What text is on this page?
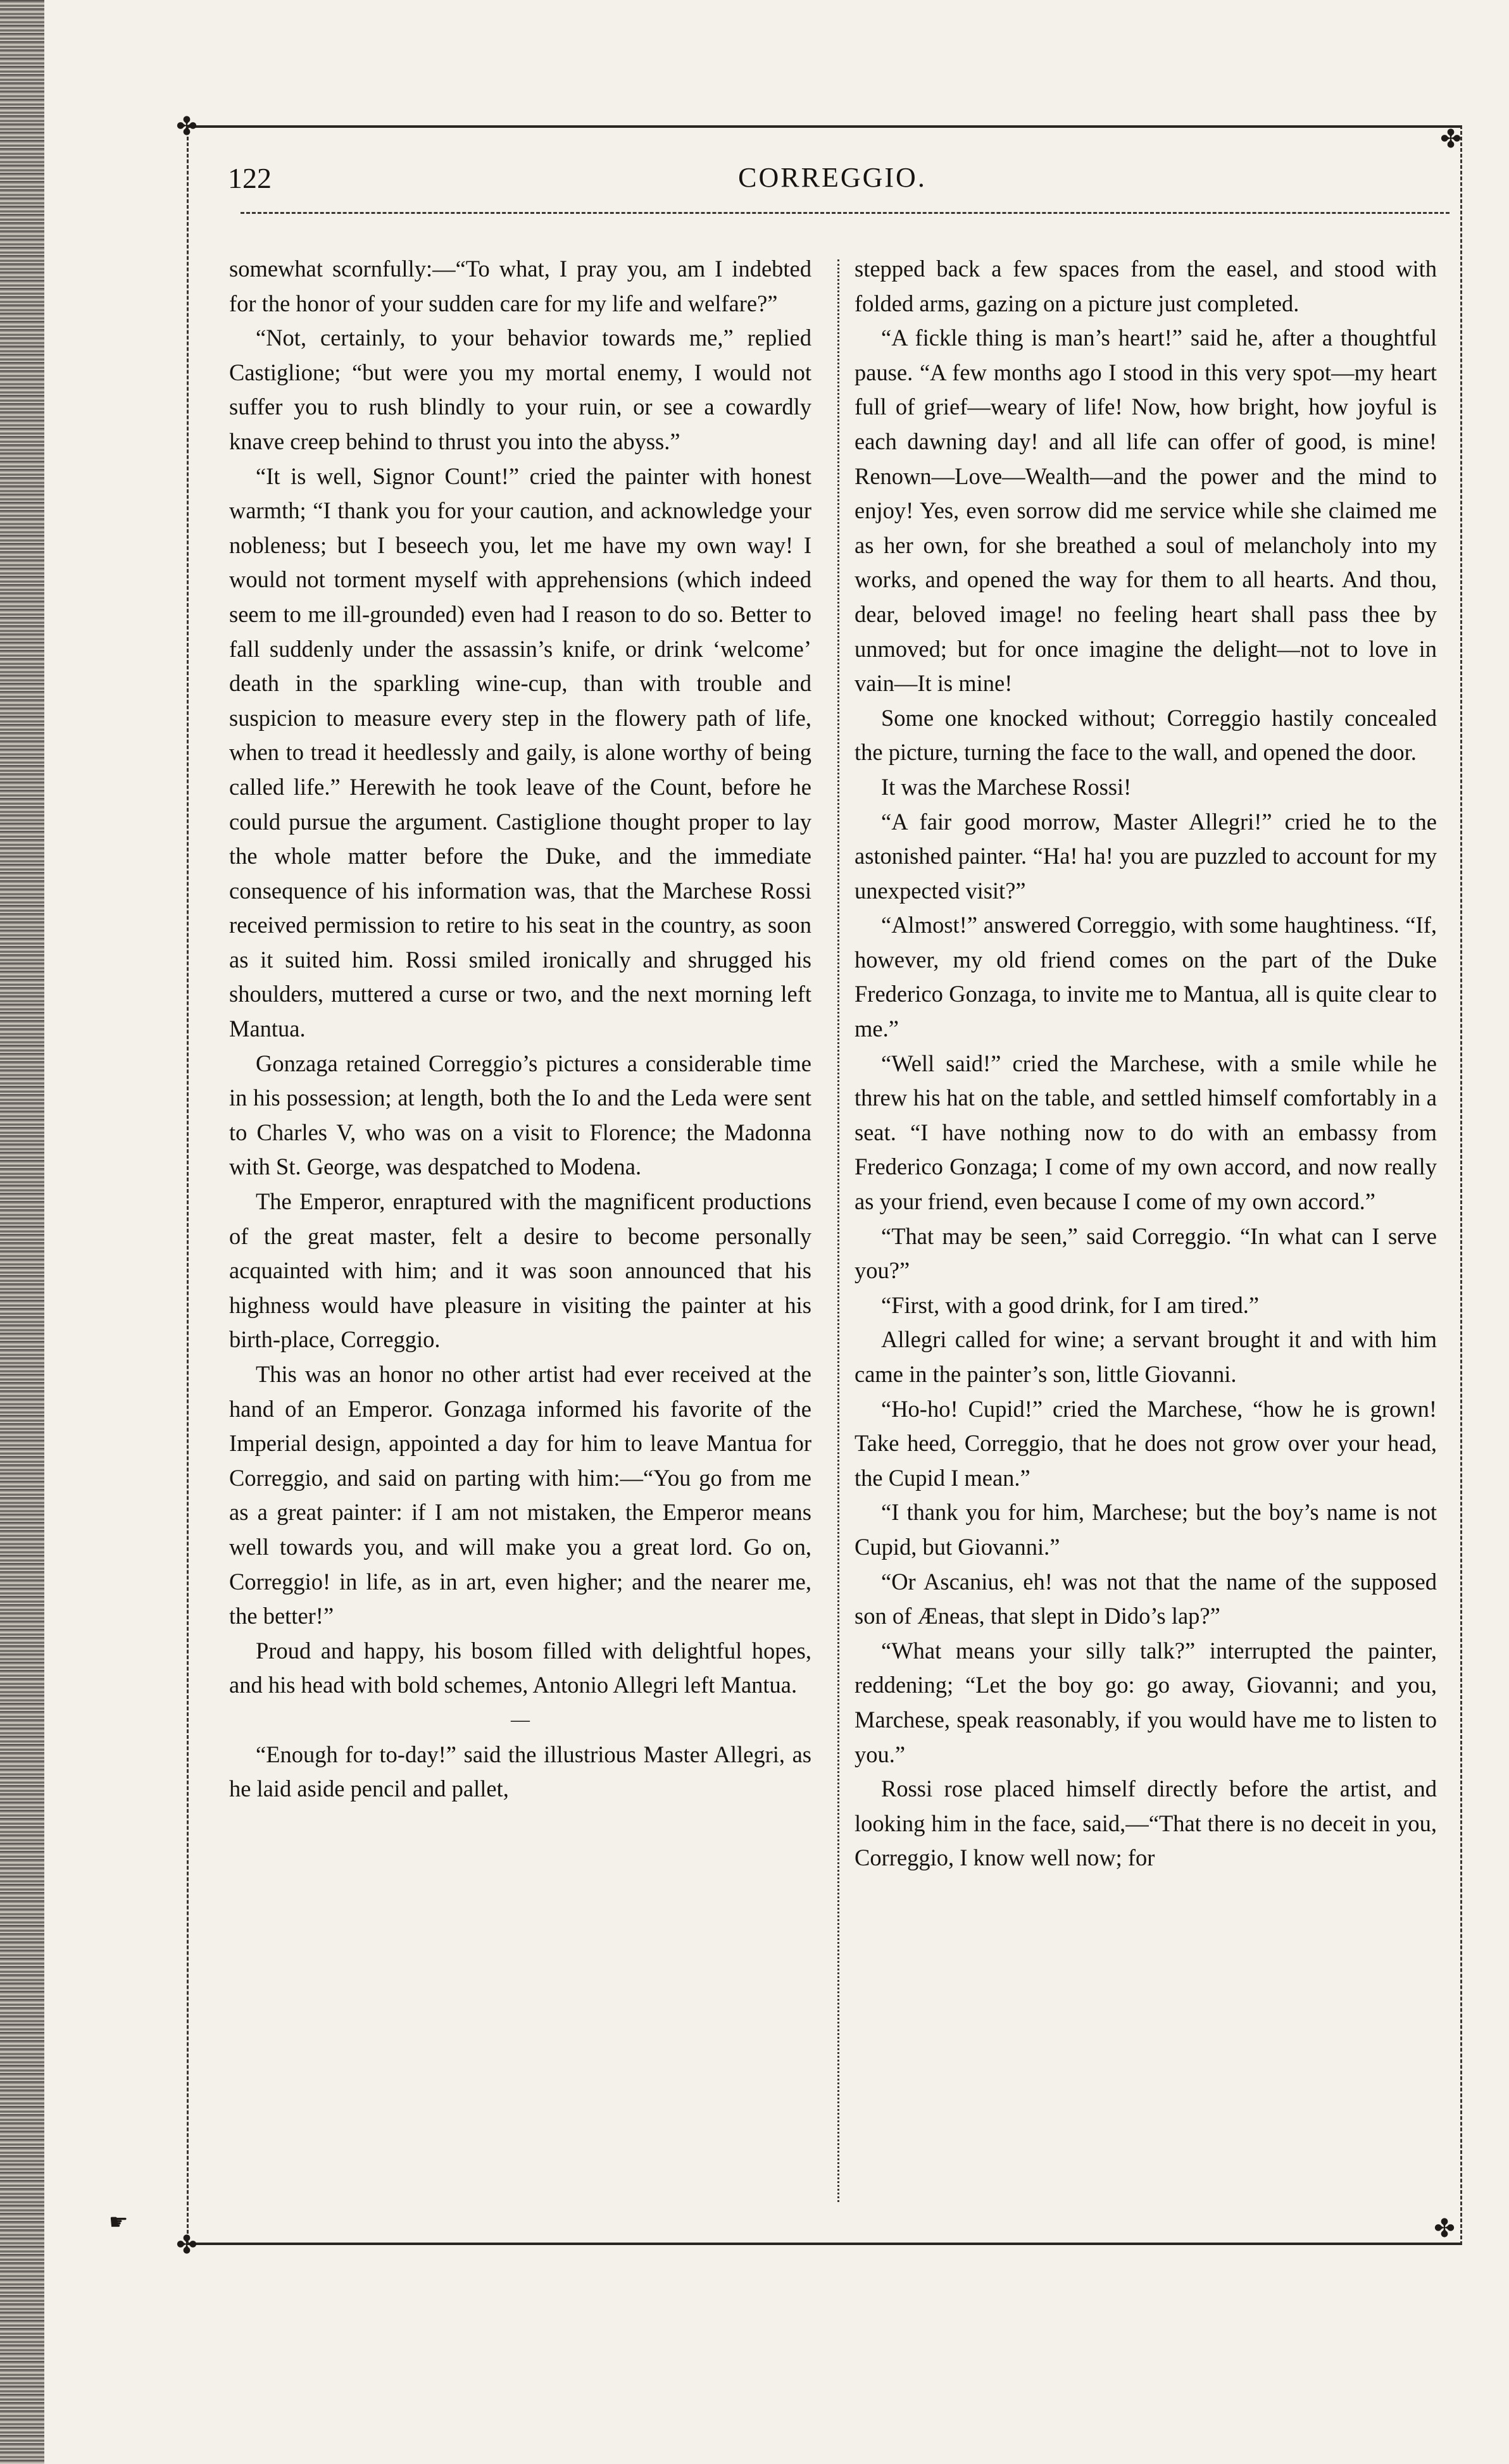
✤	✤
✤
✤
☛
122	CORREGGIO.

somewhat scornfully:—“To what, I pray you, am I indebted for the honor of your sudden care for my life and welfare?”

“Not, certainly, to your behavior towards me,” replied Castiglione; “but were you my mortal enemy, I would not suffer you to rush blindly to your ruin, or see a cowardly knave creep behind to thrust you into the abyss.”

“It is well, Signor Count!” cried the painter with honest warmth; “I thank you for your caution, and acknowledge your nobleness; but I beseech you, let me have my own way! I would not torment myself with apprehensions (which indeed seem to me ill-grounded) even had I reason to do so. Better to fall suddenly under the assassin’s knife, or drink ‘welcome’ death in the sparkling wine-cup, than with trouble and suspicion to measure every step in the flowery path of life, when to tread it heedlessly and gaily, is alone worthy of being called life.” Herewith he took leave of the Count, before he could pursue the argument. Castiglione thought proper to lay the whole matter before the Duke, and the immediate consequence of his information was, that the Marchese Rossi received permission to retire to his seat in the country, as soon as it suited him. Rossi smiled ironically and shrugged his shoulders, muttered a curse or two, and the next morning left Mantua.

Gonzaga retained Correggio’s pictures a considerable time in his possession; at length, both the Io and the Leda were sent to Charles V, who was on a visit to Florence; the Madonna with St. George, was despatched to Modena.

The Emperor, enraptured with the magnificent productions of the great master, felt a desire to become personally acquainted with him; and it was soon announced that his highness would have pleasure in visiting the painter at his birth-place, Correggio.

This was an honor no other artist had ever received at the hand of an Emperor. Gonzaga informed his favorite of the Imperial design, appointed a day for him to leave Mantua for Correggio, and said on parting with him:—“You go from me as a great painter: if I am not mistaken, the Emperor means well towards you, and will make you a great lord. Go on, Correggio! in life, as in art, even higher; and the nearer me, the better!”

Proud and happy, his bosom filled with delightful hopes, and his head with bold schemes, Antonio Allegri left Mantua.

—

“Enough for to-day!” said the illustrious Master Allegri, as he laid aside pencil and pallet,

stepped back a few spaces from the easel, and stood with folded arms, gazing on a picture just completed.

“A fickle thing is man’s heart!” said he, after a thoughtful pause. “A few months ago I stood in this very spot—my heart full of grief—weary of life! Now, how bright, how joyful is each dawning day! and all life can offer of good, is mine! Renown—Love—Wealth—and the power and the mind to enjoy! Yes, even sorrow did me service while she claimed me as her own, for she breathed a soul of melancholy into my works, and opened the way for them to all hearts. And thou, dear, beloved image! no feeling heart shall pass thee by unmoved; but for once imagine the delight—not to love in vain—It is mine!

Some one knocked without; Correggio hastily concealed the picture, turning the face to the wall, and opened the door.

It was the Marchese Rossi!

“A fair good morrow, Master Allegri!” cried he to the astonished painter. “Ha! ha! you are puzzled to account for my unexpected visit?”

“Almost!” answered Correggio, with some haughtiness. “If, however, my old friend comes on the part of the Duke Frederico Gonzaga, to invite me to Mantua, all is quite clear to me.”

“Well said!” cried the Marchese, with a smile while he threw his hat on the table, and settled himself comfortably in a seat. “I have nothing now to do with an embassy from Frederico Gonzaga; I come of my own accord, and now really as your friend, even because I come of my own accord.”

“That may be seen,” said Correggio. “In what can I serve you?”

“First, with a good drink, for I am tired.”

Allegri called for wine; a servant brought it and with him came in the painter’s son, little Giovanni.

“Ho-ho! Cupid!” cried the Marchese, “how he is grown! Take heed, Correggio, that he does not grow over your head, the Cupid I mean.”

“I thank you for him, Marchese; but the boy’s name is not Cupid, but Giovanni.”

“Or Ascanius, eh! was not that the name of the supposed son of Æneas, that slept in Dido’s lap?”

“What means your silly talk?” interrupted the painter, reddening; “Let the boy go: go away, Giovanni; and you, Marchese, speak reasonably, if you would have me to listen to you.”

Rossi rose placed himself directly before the artist, and looking him in the face, said,—“That there is no deceit in you, Correggio, I know well now; for
